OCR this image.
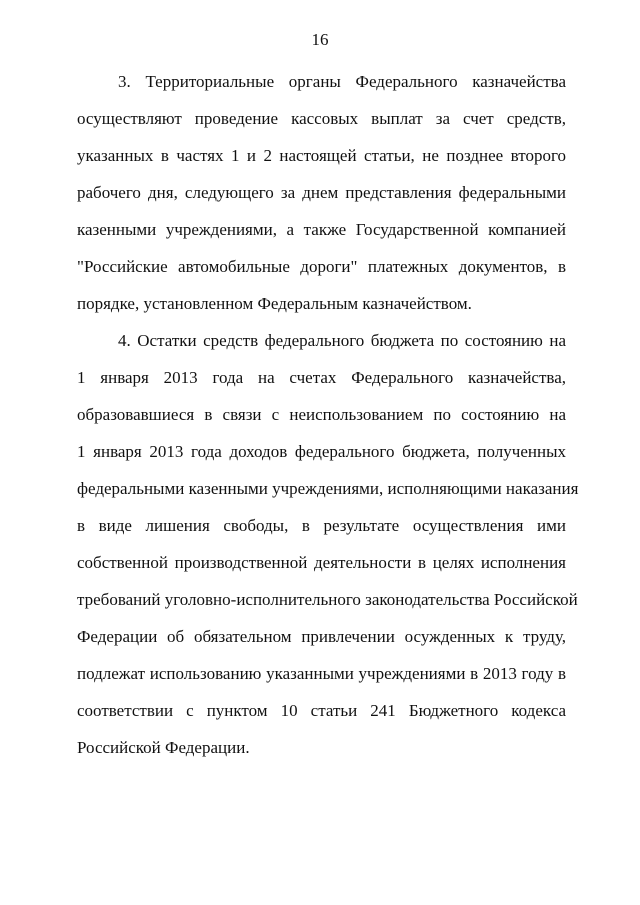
16
3. Территориальные органы Федерального казначейства
осуществляют проведение кассовых выплат за счет средств,
указанных в частях 1 и 2 настоящей статьи, не позднее второго
рабочего дня, следующего за днем представления федеральными
казенными учреждениями, а также Государственной компанией
"Российские автомобильные дороги" платежных документов, в
порядке, установленном Федеральным казначейством.
4. Остатки средств федерального бюджета по состоянию на
1 января 2013 года на счетах Федерального казначейства,
образовавшиеся в связи с неиспользованием по состоянию на
1 января 2013 года доходов федерального бюджета, полученных
федеральными казенными учреждениями, исполняющими наказания
в виде лишения свободы, в результате осуществления ими
собственной производственной деятельности в целях исполнения
требований уголовно-исполнительного законодательства Российской
Федерации об обязательном привлечении осужденных к труду,
подлежат использованию указанными учреждениями в 2013 году в
соответствии с пунктом 10 статьи 241 Бюджетного кодекса
Российской Федерации.
